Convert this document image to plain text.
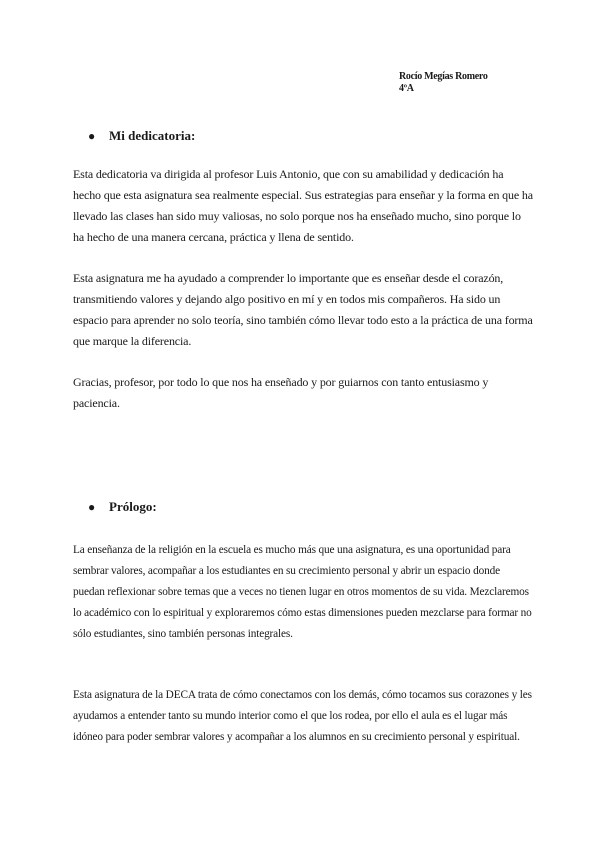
Rocío Megías Romero
4ºA
●	Mi dedicatoria:

Esta dedicatoria va dirigida al profesor Luis Antonio, que con su amabilidad y dedicación ha hecho que esta asignatura sea realmente especial. Sus estrategias para enseñar y la forma en que ha llevado las clases han sido muy valiosas, no solo porque nos ha enseñado mucho, sino porque lo ha hecho de una manera cercana, práctica y llena de sentido.

Esta asignatura me ha ayudado a comprender lo importante que es enseñar desde el corazón, transmitiendo valores y dejando algo positivo en mí y en todos mis compañeros. Ha sido un espacio para aprender no solo teoría, sino también cómo llevar todo esto a la práctica de una forma que marque la diferencia.

Gracias, profesor, por todo lo que nos ha enseñado y por guiarnos con tanto entusiasmo y paciencia.

●	Prólogo:

La enseñanza de la religión en la escuela es mucho más que una asignatura, es una oportunidad para sembrar valores, acompañar a los estudiantes en su crecimiento personal y abrir un espacio donde puedan reflexionar sobre temas que a veces no tienen lugar en otros momentos de su vida. Mezclaremos lo académico con lo espiritual y exploraremos cómo estas dimensiones pueden mezclarse para formar no sólo estudiantes, sino también personas integrales.

Esta asignatura de la DECA trata de cómo conectamos con los demás, cómo tocamos sus corazones y les ayudamos a entender tanto su mundo interior como el que los rodea, por ello el aula es el lugar más idóneo para poder sembrar valores y acompañar a los alumnos en su crecimiento personal y espiritual.
